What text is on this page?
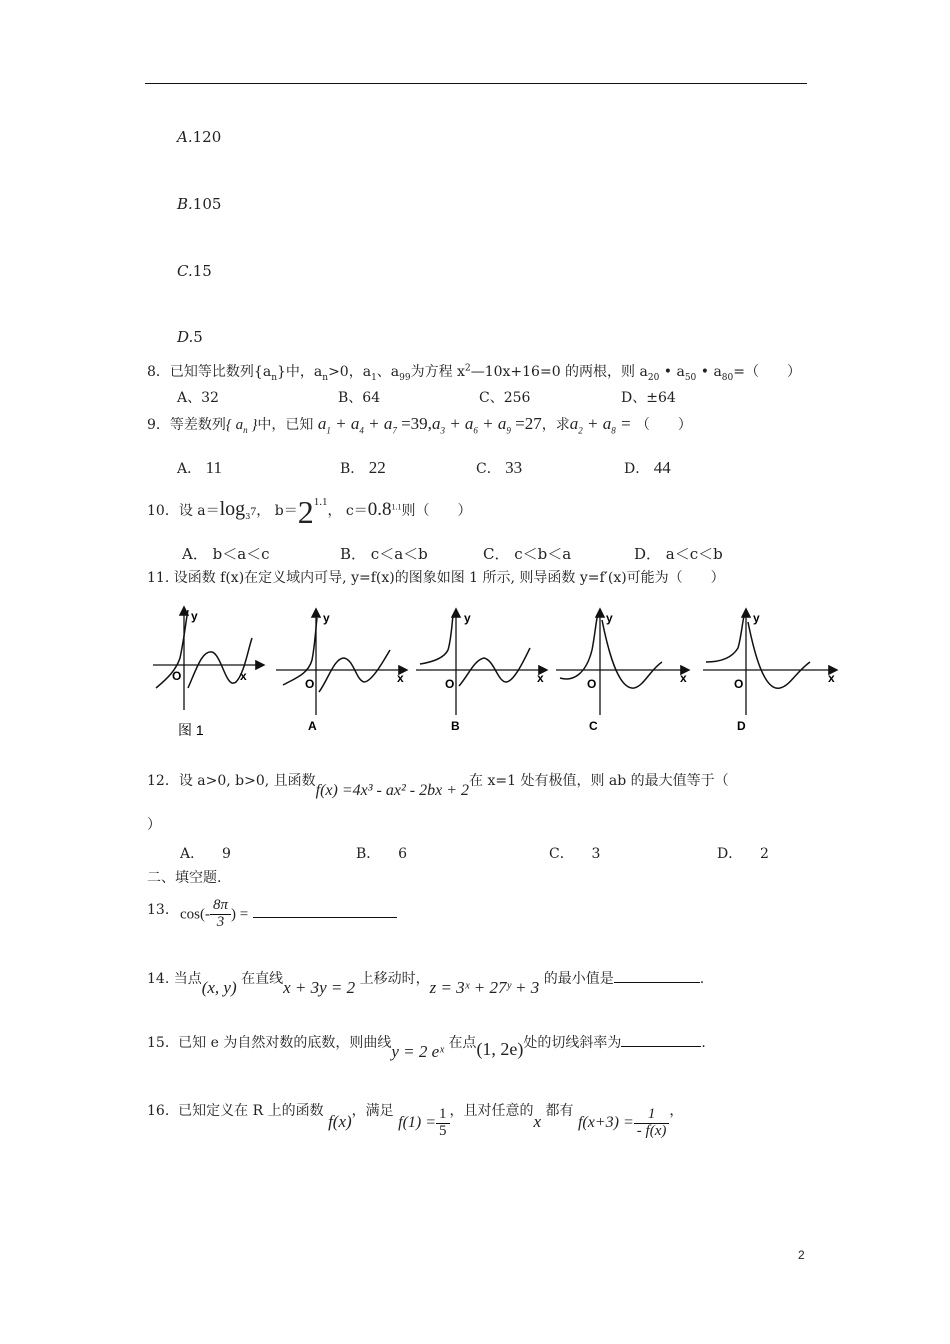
A.120
B.105
C.15
D.5
8．已知等比数列$\{a_n\}$中，$a_n>0$，$a_1$、$a_{99}$为方程 $x^2—10x+16=0$ 的两根，则 $a_{20}$ • $a_{50}$ • $a_{80}=$（　　）
A、32	B、64	C、256	D、±64
9．等差数列{ $a_n$ }中，已知 $a_1 + a_4 + a_7 =39,a_3 + a_6 + a_9 =27$，求$a_2 + a_8$ = （　　）
A． 11	B． 22	C． 33	D． 44
10．设 $a=\log_37$， $b=2^{1.1}$， $c=0.8^{1.1}$则（　　）
A． b＜a＜c	B． c＜a＜b	C． c＜b＜a	D． a＜c＜b
11. 设函数 f(x)在定义域内可导, y=f(x)的图象如图 1 所示, 则导函数 y=f′(x)可能为（　　）
y
x
O
图 1
y
x
O
A
y
x
O
B
y
x
O
C
y
x
O
D
12．设 a>0, b>0, 且函数f(x) =4x³ - ax² - 2bx + 2在 x=1 处有极值，则 ab 的最大值等于（
）
A． 9	B． 6	C． 3	D． 2
二、填空题.
13. $\cos(- \frac{8\pi}{3}$ ) =
14. 当点(x, y) 在直线x + 3y = 2 上移动时，z = 3ˣ + 27ʸ + 3 的最小值是	.
15. 已知 e 为自然对数的底数，则曲线y = 2 eˣ 在点(1, 2e)处的切线斜率为	.
16. 已知定义在 R 上的函数 f(x)，满足 $f(1) = \frac{1}{5}$ ，且对任意的x 都有 $f(x+3) = \frac{1}{- f(x)}$ ，
2
